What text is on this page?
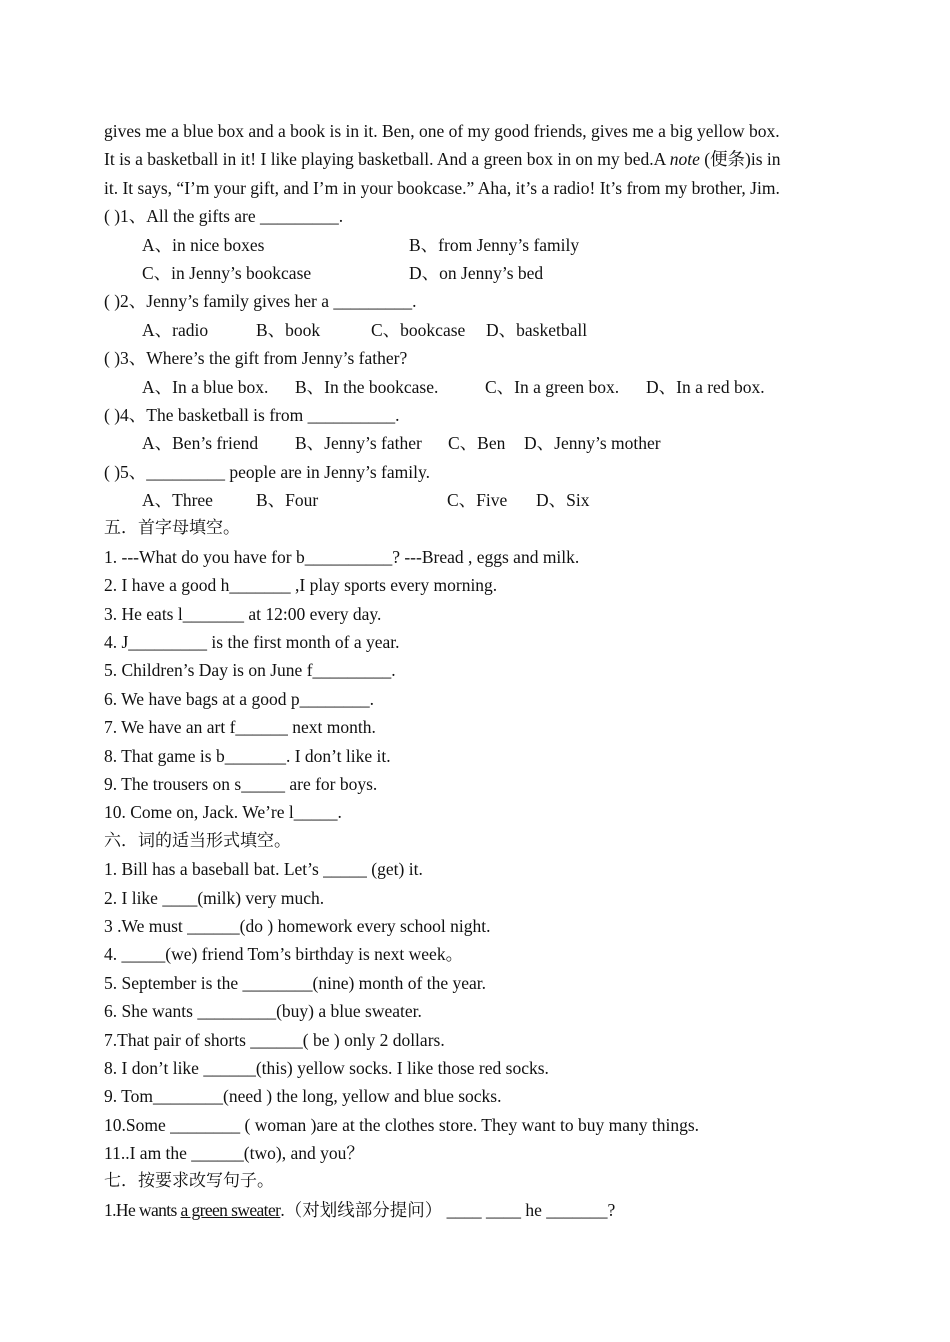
gives me a blue box and a book is in it. Ben, one of my good friends, gives me a big yellow box.
It is a basketball in it! I like playing basketball. And a green box in on my bed.A note (便条)is in
it. It says, “I’m your gift, and I’m in your bookcase.” Aha, it’s a radio! It’s from my brother, Jim.
( )1、All the gifts are _________.
A、in nice boxes	B、from Jenny’s family
C、in Jenny’s bookcase	D、on Jenny’s bed
( )2、Jenny’s family gives her a _________.
A、radio	B、book	C、bookcase D、basketball
( )3、Where’s the gift from Jenny’s father?
A、In a blue box. B、In the bookcase.	C、In a green box. D、In a red box.
( )4、The basketball is from __________.
A、Ben’s friend B、Jenny’s father C、Ben D、Jenny’s mother
( )5、_________ people are in Jenny’s family.
A、Three B、Four	C、Five D、Six
五．首字母填空。
1. ---What do you have for b__________? ---Bread , eggs and milk.
2. I have a good h_______ ,I play sports every morning.
3. He eats l_______ at 12:00 every day.
4. J_________ is the first month of a year.
5. Children’s Day is on June f_________.
6. We have bags at a good p________.
7. We have an art f______ next month.
8. That game is b_______. I don’t like it.
9. The trousers on s_____ are for boys.
10. Come on, Jack. We’re l_____.
六．词的适当形式填空。
1. Bill has a baseball bat. Let’s _____ (get) it.
2. I like ____(milk) very much.
3 .We must ______(do ) homework every school night.
4. _____(we) friend Tom’s birthday is next week。
5. September is the ________(nine) month of the year.
6. She wants _________(buy) a blue sweater.
7.That pair of shorts ______( be ) only 2 dollars.
8. I don’t like ______(this) yellow socks. I like those red socks.
9. Tom________(need ) the long, yellow and blue socks.
10.Some ________ ( woman )are at the clothes store. They want to buy many things.
11..I am the ______(two), and you？
七．按要求改写句子。
1.He wants a green sweater.（对划线部分提问） ____ ____ he _______?
